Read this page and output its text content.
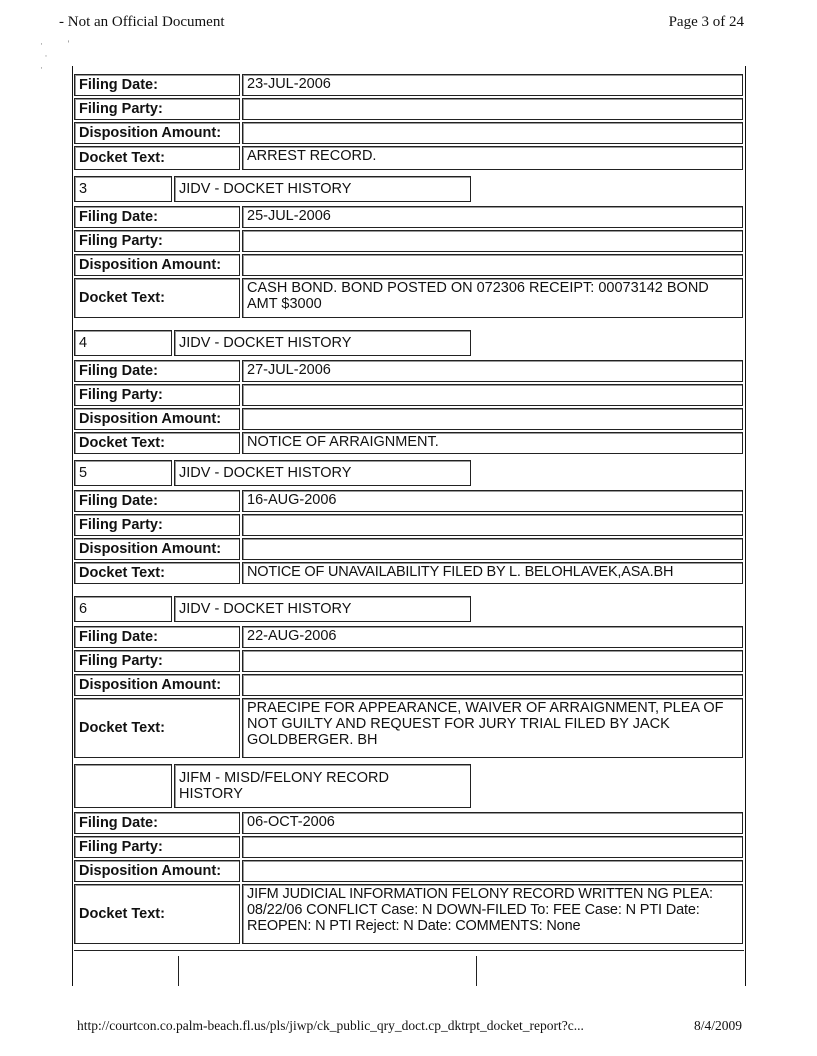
- Not an Official Document	Page 3 of 24
·           '
·
·
Filing Date:	23-JUL-2006
Filing Party:
Disposition Amount:
Docket Text:	ARREST RECORD.
3	JIDV - DOCKET HISTORY
Filing Date:	25-JUL-2006
Filing Party:
Disposition Amount:
Docket Text:
CASH BOND. BOND POSTED ON 072306 RECEIPT: 00073142 BOND AMT $3000
4	JIDV - DOCKET HISTORY
Filing Date:	27-JUL-2006
Filing Party:
Disposition Amount:
Docket Text:	NOTICE OF ARRAIGNMENT.
5	JIDV - DOCKET HISTORY
Filing Date:	16-AUG-2006
Filing Party:
Disposition Amount:
Docket Text:	NOTICE OF UNAVAILABILITY FILED BY L. BELOHLAVEK,ASA.BH
6	JIDV - DOCKET HISTORY
Filing Date:	22-AUG-2006
Filing Party:
Disposition Amount:
Docket Text:
PRAECIPE FOR APPEARANCE, WAIVER OF ARRAIGNMENT, PLEA OF NOT GUILTY AND REQUEST FOR JURY TRIAL FILED BY JACK GOLDBERGER. BH
JIFM - MISD/FELONY RECORD HISTORY
Filing Date:	06-OCT-2006
Filing Party:
Disposition Amount:
Docket Text:
JIFM JUDICIAL INFORMATION FELONY RECORD WRITTEN NG PLEA: 08/22/06 CONFLICT Case: N DOWN-FILED To: FEE Case: N PTI Date: REOPEN: N PTI Reject: N Date: COMMENTS: None
http://courtcon.co.palm-beach.fl.us/pls/jiwp/ck_public_qry_doct.cp_dktrpt_docket_report?c...	8/4/2009
